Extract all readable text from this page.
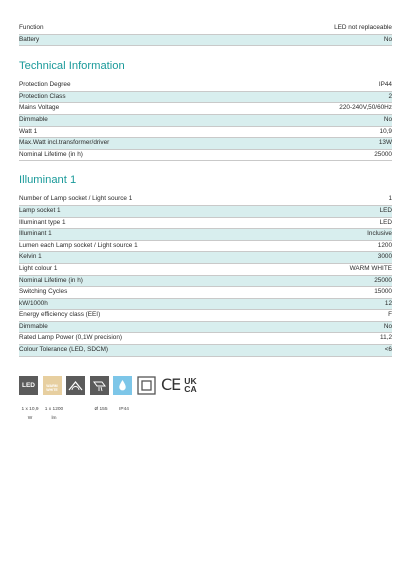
Function	LED not replaceable
Battery	No
Technical Information
Protection Degree	IP44
Protection Class	2
Mains Voltage	220-240V,50/60Hz
Dimmable	No
Watt 1	10,9
Max.Watt incl.transformer/driver	13W
Nominal Lifetime (in h)	25000
Illuminant 1
Number of Lamp socket / Light source 1	1
Lamp socket 1	LED
Illuminant type 1	LED
Illuminant 1	Inclusive
Lumen each Lamp socket / Light source 1	1200
Kelvin 1	3000
Light colour 1	WARM WHITE
Nominal Lifetime (in h)	25000
Switching Cycles	15000
kW/1000h	12
Energy efficiency class (EEI)	F
Dimmable	No
Rated Lamp Power (0,1W precision)	11,2
Colour Tolerance (LED, SDCM)	<6
LED	WARM WHITE	CE UK
CA
1 x 10,9
W
1 x 1200
lm
Ø 155	IP44
